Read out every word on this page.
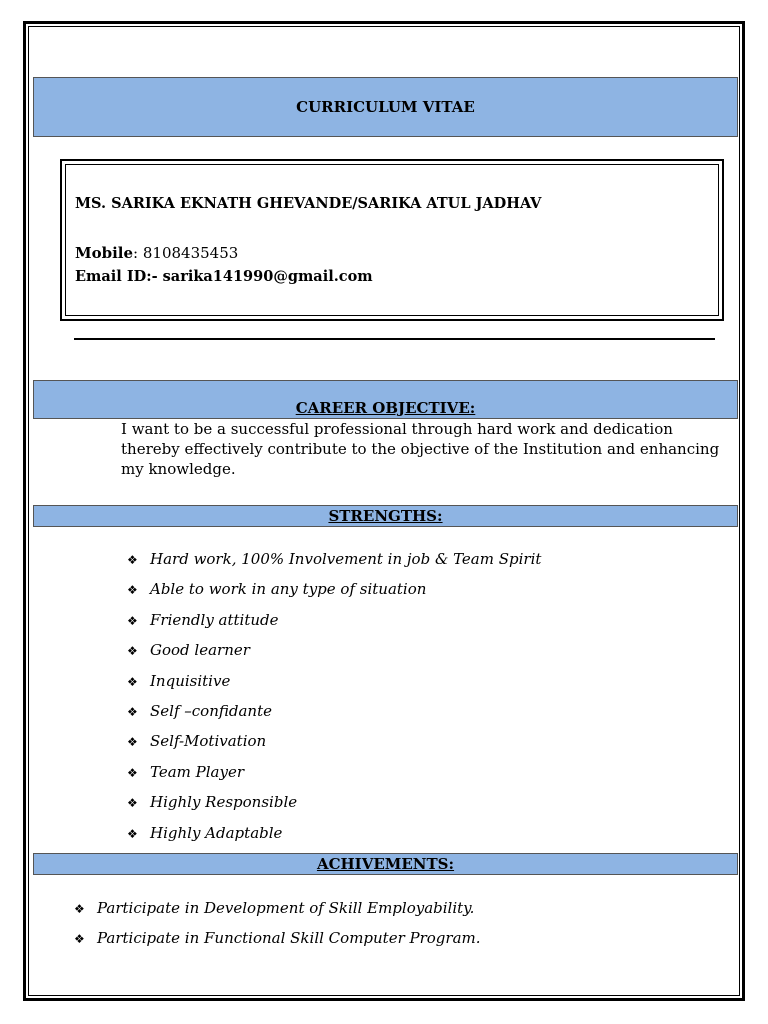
CURRICULUM VITAE
MS. SARIKA EKNATH GHEVANDE/SARIKA ATUL JADHAV
Mobile: 8108435453
Email ID:- sarika141990@gmail.com
CAREER OBJECTIVE:
I want to be a successful professional through hard work and dedication thereby effectively contribute to the objective of the Institution and enhancing my knowledge.
STRENGTHS:
❖ Hard work, 100% Involvement in job & Team Spirit
❖ Able to work in any type of situation
❖ Friendly attitude
❖ Good learner
❖ Inquisitive
❖ Self –confidante
❖ Self-Motivation
❖ Team Player
❖ Highly Responsible
❖ Highly Adaptable
ACHIVEMENTS:
❖ Participate in Development of Skill Employability.
❖ Participate in Functional Skill Computer Program.
